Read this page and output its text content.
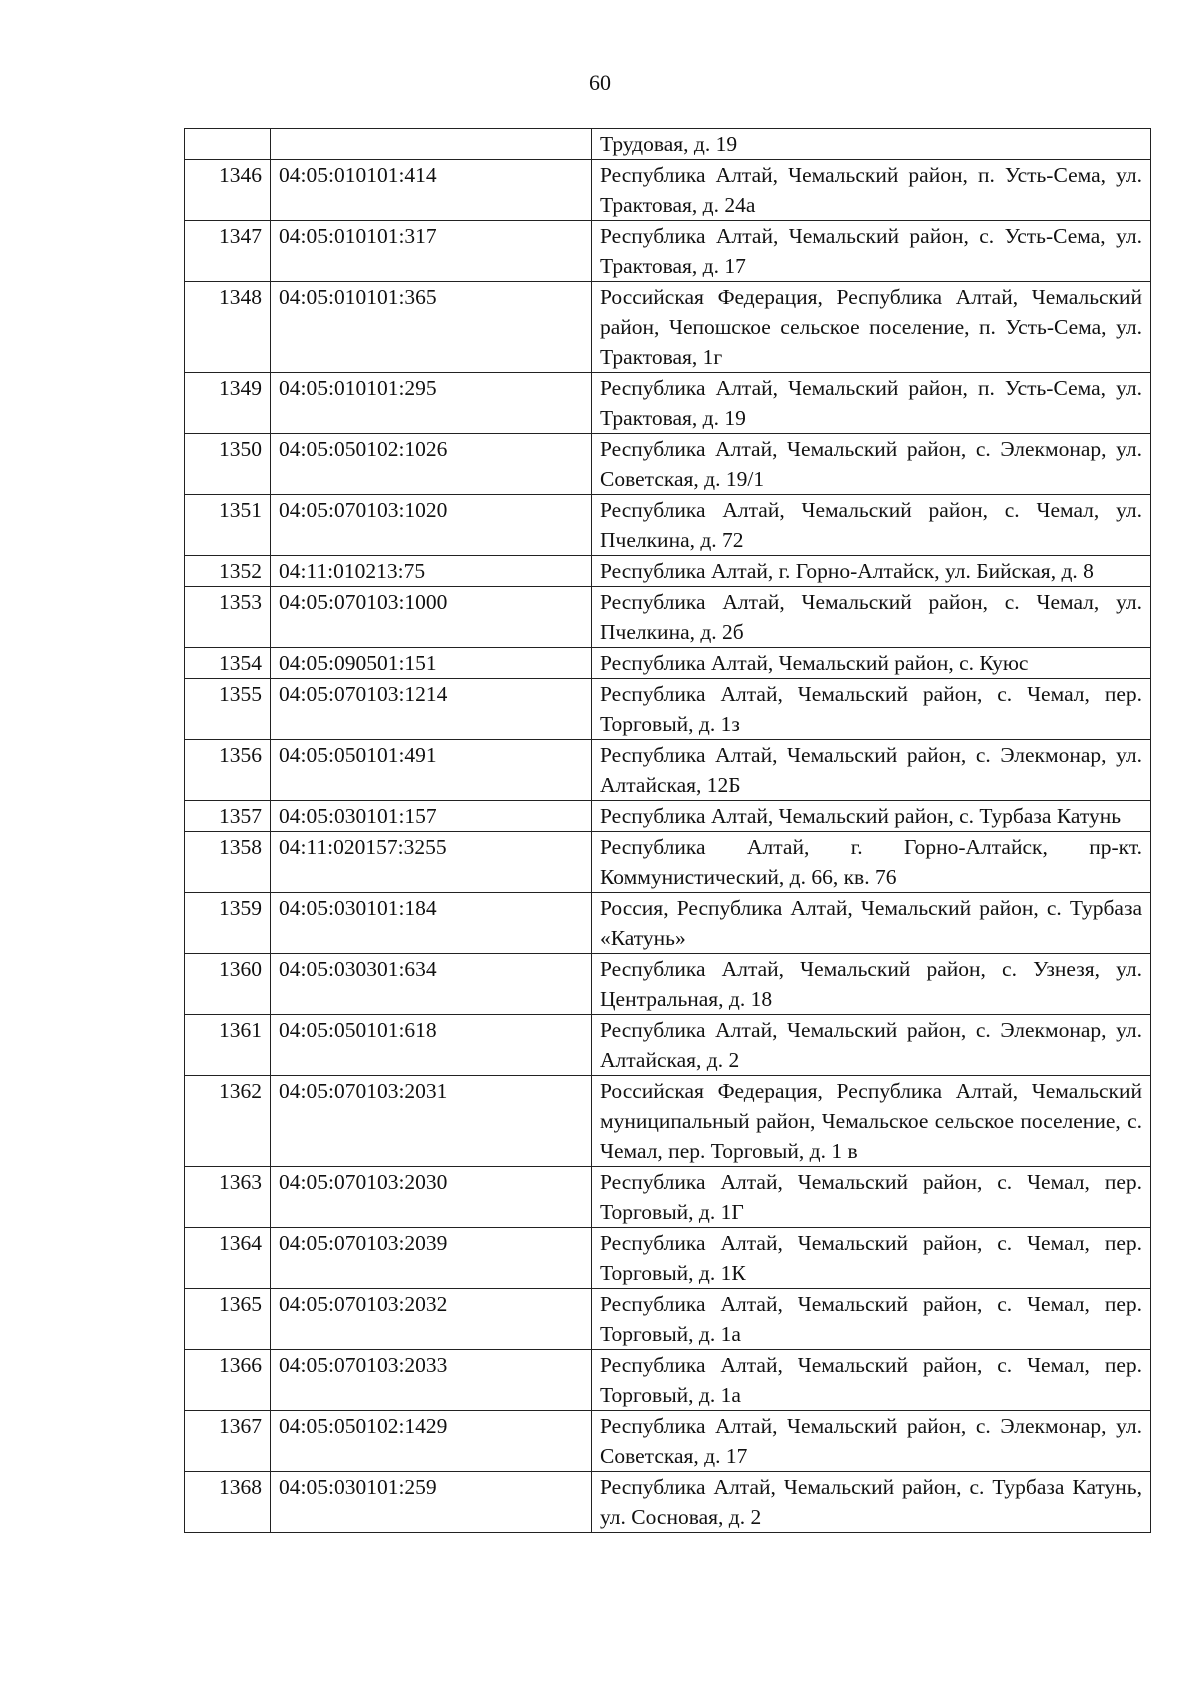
60
		Трудовая, д. 19
1346	04:05:010101:414	Республика Алтай, Чемальский район, п. Усть-Сема, ул. Трактовая, д. 24а
1347	04:05:010101:317	Республика Алтай, Чемальский район, с. Усть-Сема, ул. Трактовая, д. 17
1348	04:05:010101:365	Российская Федерация, Республика Алтай, Чемальский район, Чепошское сельское поселение, п. Усть-Сема, ул. Трактовая, 1г
1349	04:05:010101:295	Республика Алтай, Чемальский район, п. Усть-Сема, ул. Трактовая, д. 19
1350	04:05:050102:1026	Республика Алтай, Чемальский район, с. Элекмонар, ул. Советская, д. 19/1
1351	04:05:070103:1020	Республика Алтай, Чемальский район, с. Чемал, ул. Пчелкина, д. 72
1352	04:11:010213:75	Республика Алтай, г. Горно-Алтайск, ул. Бийская, д. 8
1353	04:05:070103:1000	Республика Алтай, Чемальский район, с. Чемал, ул. Пчелкина, д. 2б
1354	04:05:090501:151	Республика Алтай, Чемальский район, с. Куюс
1355	04:05:070103:1214	Республика Алтай, Чемальский район, с. Чемал, пер. Торговый, д. 1з
1356	04:05:050101:491	Республика Алтай, Чемальский район, с. Элекмонар, ул. Алтайская, 12Б
1357	04:05:030101:157	Республика Алтай, Чемальский район, с. Турбаза Катунь
1358	04:11:020157:3255	Республика Алтай, г. Горно-Алтайск, пр-кт. Коммунистический, д. 66, кв. 76
1359	04:05:030101:184	Россия, Республика Алтай, Чемальский район, с. Турбаза «Катунь»
1360	04:05:030301:634	Республика Алтай, Чемальский район, с. Узнезя, ул. Центральная, д. 18
1361	04:05:050101:618	Республика Алтай, Чемальский район, с. Элекмонар, ул. Алтайская, д. 2
1362	04:05:070103:2031	Российская Федерация, Республика Алтай, Чемальский муниципальный район, Чемальское сельское поселение, с. Чемал, пер. Торговый, д. 1 в
1363	04:05:070103:2030	Республика Алтай, Чемальский район, с. Чемал, пер. Торговый, д. 1Г
1364	04:05:070103:2039	Республика Алтай, Чемальский район, с. Чемал, пер. Торговый, д. 1К
1365	04:05:070103:2032	Республика Алтай, Чемальский район, с. Чемал, пер. Торговый, д. 1а
1366	04:05:070103:2033	Республика Алтай, Чемальский район, с. Чемал, пер. Торговый, д. 1а
1367	04:05:050102:1429	Республика Алтай, Чемальский район, с. Элекмонар, ул. Советская, д. 17
1368	04:05:030101:259	Республика Алтай, Чемальский район, с. Турбаза Катунь, ул. Сосновая, д. 2
